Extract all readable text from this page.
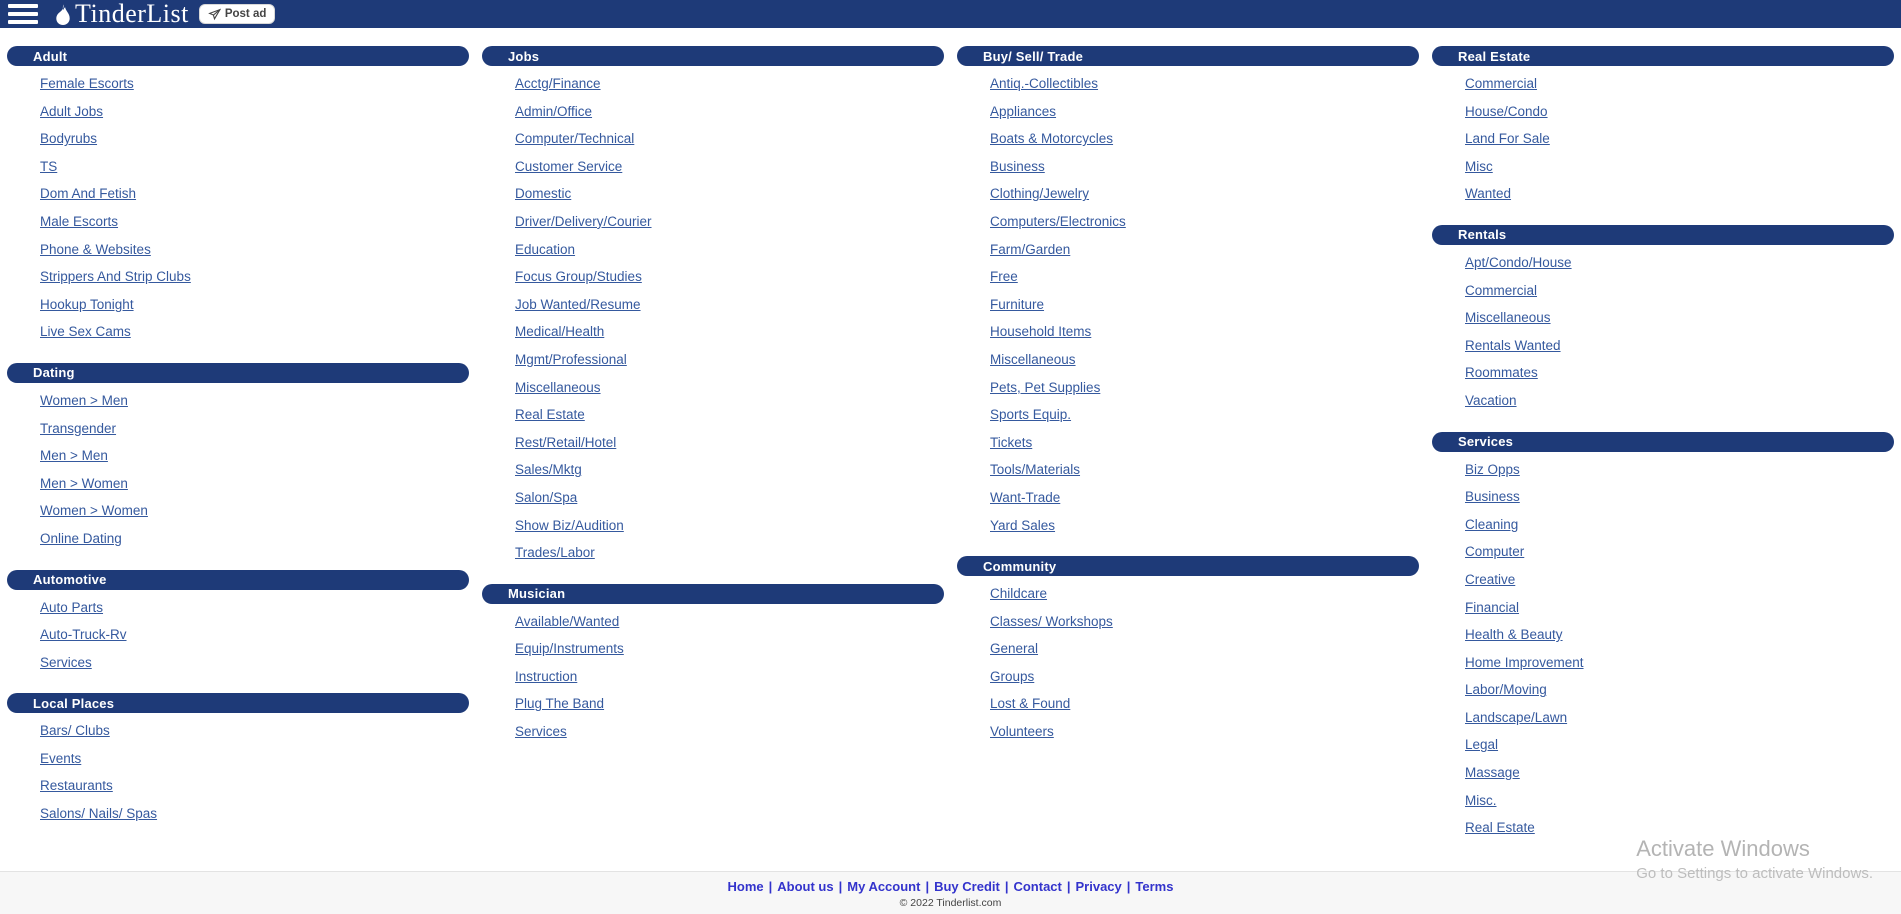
TinderList	Post ad
Adult
Female Escorts
Adult Jobs
Bodyrubs
TS
Dom And Fetish
Male Escorts
Phone & Websites
Strippers And Strip Clubs
Hookup Tonight
Live Sex Cams
Dating
Women > Men
Transgender
Men > Men
Men > Women
Women > Women
Online Dating
Automotive
Auto Parts
Auto-Truck-Rv
Services
Local Places
Bars/ Clubs
Events
Restaurants
Salons/ Nails/ Spas
Jobs
Acctg/Finance
Admin/Office
Computer/Technical
Customer Service
Domestic
Driver/Delivery/Courier
Education
Focus Group/Studies
Job Wanted/Resume
Medical/Health
Mgmt/Professional
Miscellaneous
Real Estate
Rest/Retail/Hotel
Sales/Mktg
Salon/Spa
Show Biz/Audition
Trades/Labor
Musician
Available/Wanted
Equip/Instruments
Instruction
Plug The Band
Services
Buy/ Sell/ Trade
Antiq.-Collectibles
Appliances
Boats & Motorcycles
Business
Clothing/Jewelry
Computers/Electronics
Farm/Garden
Free
Furniture
Household Items
Miscellaneous
Pets, Pet Supplies
Sports Equip.
Tickets
Tools/Materials
Want-Trade
Yard Sales
Community
Childcare
Classes/ Workshops
General
Groups
Lost & Found
Volunteers
Real Estate
Commercial
House/Condo
Land For Sale
Misc
Wanted
Rentals
Apt/Condo/House
Commercial
Miscellaneous
Rentals Wanted
Roommates
Vacation
Services
Biz Opps
Business
Cleaning
Computer
Creative
Financial
Health & Beauty
Home Improvement
Labor/Moving
Landscape/Lawn
Legal
Massage
Misc.
Real Estate
Home | About us | My Account | Buy Credit | Contact | Privacy | Terms
© 2022 Tinderlist.com
Activate Windows
Go to Settings to activate Windows.
